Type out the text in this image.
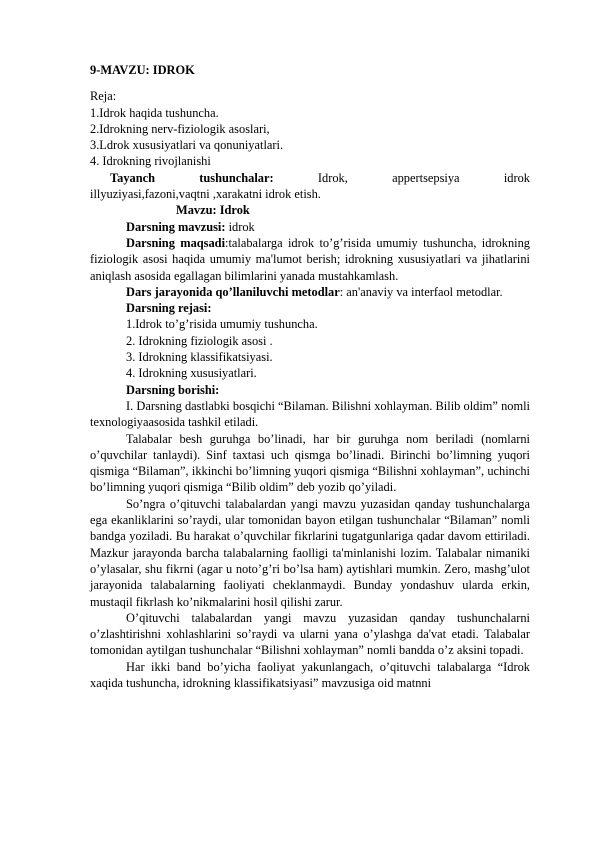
9-MAVZU: IDROK

Reja:

1.Idrok haqida tushuncha.

2.Idrokning nerv-fiziologik asoslari,

3.Ldrok xususiyatlari va qonuniyatlari.

4. Idrokning rivojlanishi

Tayanch	tushunchalar:	Idrok,	appertsepsiya	idrok

illyuziyasi,fazoni,vaqtni ,xarakatni idrok etish.

Mavzu: Idrok

Darsning mavzusi: idrok

Darsning maqsadi:talabalarga idrok to’g’risida umumiy tushuncha, idrokning fiziologik asosi haqida umumiy ma'lumot berish; idrokning xususiyatlari va jihatlarini aniqlash asosida egallagan bilimlarini yanada mustahkamlash.

Dars jarayonida qo’llaniluvchi metodlar: an'anaviy va interfaol metodlar.

Darsning rejasi:

1.Idrok to’g’risida umumiy tushuncha.

2. Idrokning fiziologik asosi .

3. Idrokning klassifikatsiyasi.

4. Idrokning xususiyatlari.

Darsning borishi:

I. Darsning dastlabki bosqichi “Bilaman. Bilishni xohlayman. Bilib oldim” nomli texnologiyaasosida tashkil etiladi.

Talabalar besh guruhga bo’linadi, har bir guruhga nom beriladi (nomlarni o’quvchilar tanlaydi). Sinf taxtasi uch qismga bo’linadi. Birinchi bo’limning yuqori qismiga “Bilaman”, ikkinchi bo’limning yuqori qismiga “Bilishni xohlayman”, uchinchi bo’limning yuqori qismiga “Bilib oldim” deb yozib qo’yiladi.

So’ngra o’qituvchi talabalardan yangi mavzu yuzasidan qanday tushunchalarga ega ekanliklarini so’raydi, ular tomonidan bayon etilgan tushunchalar “Bilaman” nomli bandga yoziladi. Bu harakat o’quvchilar fikrlarini tugatgunlariga qadar davom ettiriladi. Mazkur jarayonda barcha talabalarning faolligi ta'minlanishi lozim. Talabalar nimaniki o’ylasalar, shu fikrni (agar u noto’g’ri bo’lsa ham) aytishlari mumkin. Zero, mashg’ulot jarayonida talabalarning faoliyati cheklanmaydi. Bunday yondashuv ularda erkin, mustaqil fikrlash ko’nikmalarini hosil qilishi zarur.

O’qituvchi talabalardan yangi mavzu yuzasidan qanday tushunchalarni o’zlashtirishni xohlashlarini so’raydi va ularni yana o’ylashga da'vat etadi. Talabalar tomonidan aytilgan tushunchalar “Bilishni xohlayman” nomli bandda o’z aksini topadi.

Har ikki band bo’yicha faoliyat yakunlangach, o’qituvchi talabalarga “Idrok xaqida tushuncha, idrokning klassifikatsiyasi” mavzusiga oid matnni
